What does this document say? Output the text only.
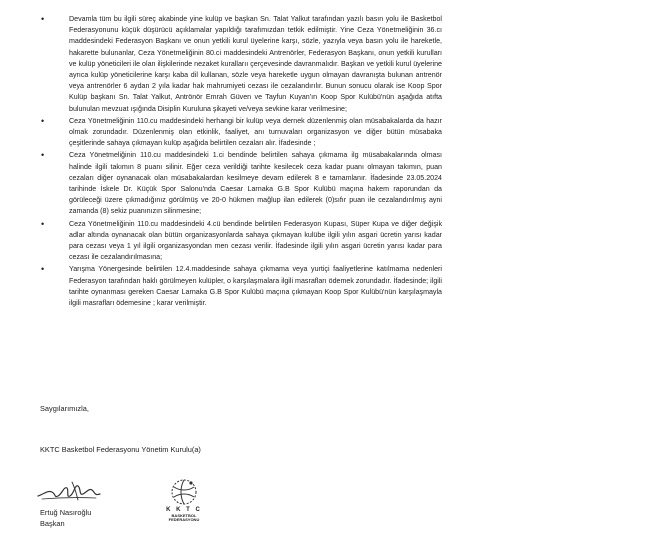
•	Devamla tüm bu ilgili süreç akabinde yine kulüp ve başkan Sn. Talat Yalkut tarafından yazılı basın yolu ile Basketbol Federasyonunu küçük düşürücü açıklamalar yapıldığı tarafımızdan tetkik edilmiştir. Yine Ceza Yönetmeliğinin 36.cı maddesindeki Federasyon Başkanı ve onun yetkili kurul üyelerine karşı, sözle, yazıyla veya basın yolu ile hareketle, hakarette bulunanlar, Ceza Yönetmeliğinin 80.ci maddesindeki Antrenörler, Federasyon Başkanı, onun yetkili kurulları ve kulüp yöneticileri ile olan ilişkilerinde nezaket kurallarıı çerçevesinde davranmalıdır. Başkan ve yetkili kurul üyelerine ayrıca kulüp yöneticilerine karşı kaba dil kullanan, sözle veya hareketle uygun olmayan davranışta bulunan antrenör veya antrenörler 6 aydan 2 yıla kadar hak mahrumiyeti cezası ile cezalandırılır. Bunun sonucu olarak ise Koop Spor Kulüp başkanı Sn. Talat Yalkut, Antrönör Emrah Güven ve Tayfun Kuyan'ın Koop Spor Kulübü'nün aşağıda atıfta bulunulan mevzuat ışığında Disiplin Kuruluna şikayeti ve/veya sevkine karar verilmesine;
•	Ceza Yönetmeliğinin 110.cu maddesindeki herhangi bir kulüp veya dernek düzenlenmiş olan müsabakalarda da hazır olmak zorundadır. Düzenlenmiş olan etkinlik, faaliyet, anı turnuvaları organizasyon ve diğer bütün müsabaka çeşitlerinde sahaya çıkmayan kulüp aşağıda belirtilen cezaları alır. İfadesinde ;
•	Ceza Yönetmeliğinin 110.cu maddesindeki 1.ci bendinde belirtilen sahaya çıkmama ilg müsabakalarında olması halinde ilgili takımın 8 puanı silinir. Eğer ceza verildiği tarihte kesilecek ceza kadar puanı olmayan takımın, puan cezaları diğer oynanacak olan müsabakalardan kesilmeye devam edilerek 8 e tamamlanır. İfadesinde 23.05.2024 tarihinde İskele Dr. Küçük Spor Salonu'nda Caesar Larnaka G.B Spor Kulübü maçına hakem raporundan da görüleceği üzere çıkmadığınız görülmüş ve 20-0 hükmen mağlup ilan edilerek (0)sıfır puan ile cezalandırılmış ayni zamanda (8) sekiz puanınızın silinmesine;
•	Ceza Yönetmeliğinin 110.cu maddesindeki 4.cü bendinde belirtilen Federasyon Kupası, Süper Kupa ve diğer değişik adlar altında oynanacak olan bütün organizasyonlarda sahaya çıkmayan kulübe ilgili yılın asgari ücretin yarısı kadar para cezası veya 1 yıl ilgili organizasyondan men cezası verilir. İfadesinde ilgili yılın asgari ücretin yarısı kadar para cezası ile cezalandırılmasına;
•	Yarışma Yönergesinde belirtilen 12.4.maddesinde sahaya çıkmama veya yurtiçi faaliyetlerine katılmama nedenleri Federasyon tarafından haklı görülmeyen kulüpler, o karşılaşmalara ilgili masrafları ödemek zorundadır. İfadesinde; ilgili tarihte oynanması gereken Caesar Larnaka G.B Spor Kulübü maçına çıkmayan Koop Spor Kulübü'nün karşılaşmayla ilgili masrafları ödemesine ; karar verilmiştir.
Saygılarımızla,
KKTC Basketbol Federasyonu Yönetim Kurulu(a)
Ertuğ Nasıroğlu
Başkan
K K T C
BASKETBOL
FEDERASYONU
